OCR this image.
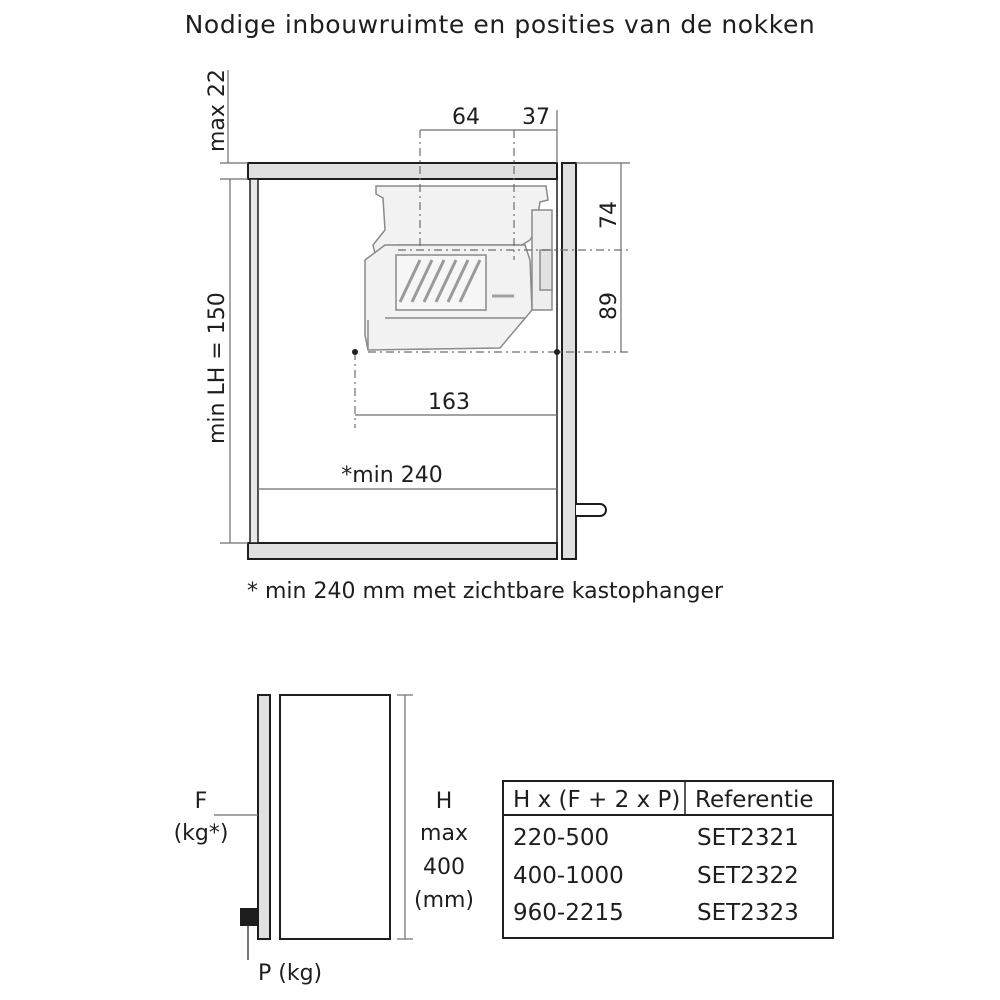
Nodige inbouwruimte en posities van de nokken
max 22	64 37
74
89
min LH = 150	163
*min 240
* min 240 mm met zichtbare kastophanger
F
(kg*)
P (kg)
H
max
400
(mm)
H x (F + 2 x P) Referentie
220-500	SET2321
400-1000	SET2322
960-2215	SET2323
